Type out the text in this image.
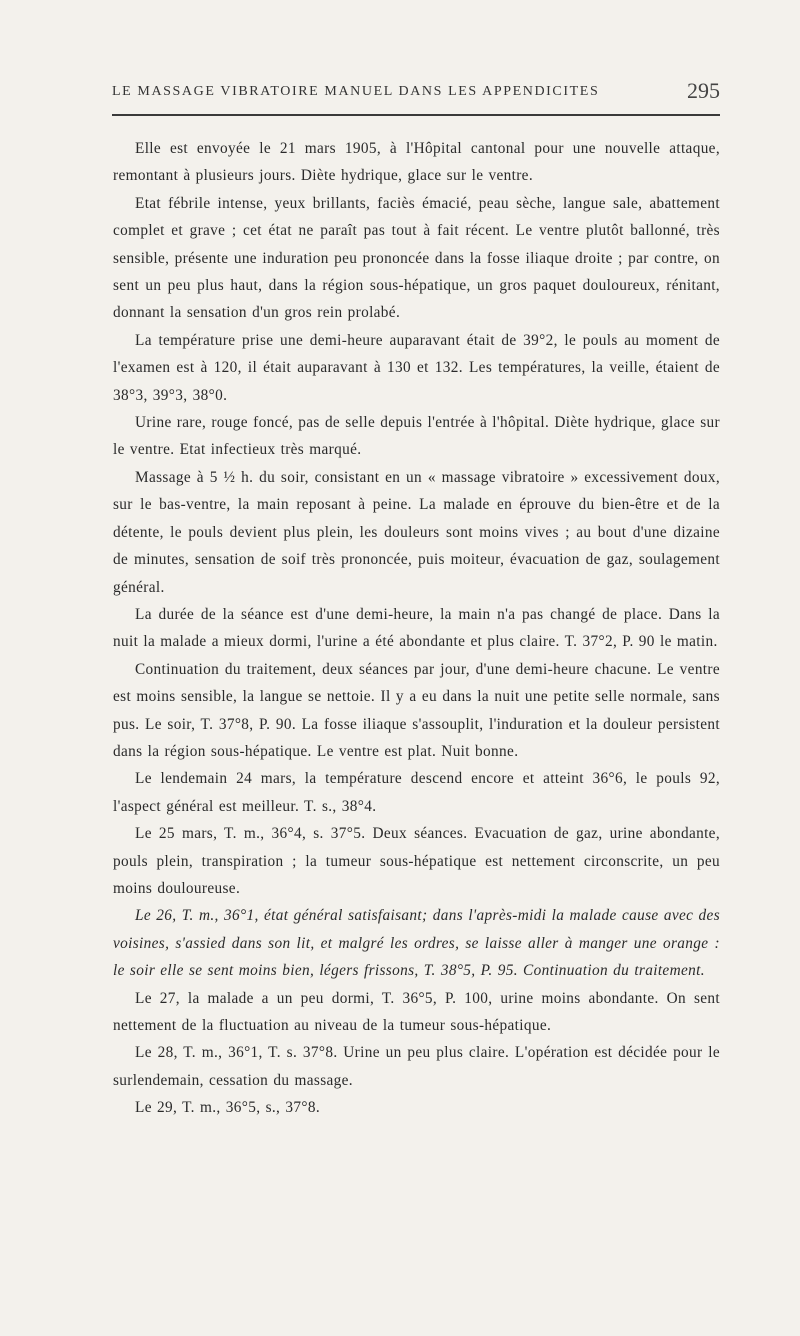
LE MASSAGE VIBRATOIRE MANUEL DANS LES APPENDICITES	295

Elle est envoyée le 21 mars 1905, à l'Hôpital cantonal pour une nouvelle attaque, remontant à plusieurs jours. Diète hydrique, glace sur le ventre.

Etat fébrile intense, yeux brillants, faciès émacié, peau sèche, langue sale, abattement complet et grave ; cet état ne paraît pas tout à fait récent. Le ventre plutôt ballonné, très sensible, présente une induration peu prononcée dans la fosse iliaque droite ; par contre, on sent un peu plus haut, dans la région sous-hépatique, un gros paquet douloureux, rénitant, donnant la sensation d'un gros rein prolabé.

La température prise une demi-heure auparavant était de 39°2, le pouls au moment de l'examen est à 120, il était auparavant à 130 et 132. Les températures, la veille, étaient de 38°3, 39°3, 38°0.

Urine rare, rouge foncé, pas de selle depuis l'entrée à l'hôpital. Diète hydrique, glace sur le ventre. Etat infectieux très marqué.

Massage à 5 ½ h. du soir, consistant en un « massage vibratoire » excessivement doux, sur le bas-ventre, la main reposant à peine. La malade en éprouve du bien-être et de la détente, le pouls devient plus plein, les douleurs sont moins vives ; au bout d'une dizaine de minutes, sensation de soif très prononcée, puis moiteur, évacuation de gaz, soulagement général.

La durée de la séance est d'une demi-heure, la main n'a pas changé de place. Dans la nuit la malade a mieux dormi, l'urine a été abondante et plus claire. T. 37°2, P. 90 le matin.

Continuation du traitement, deux séances par jour, d'une demi-heure chacune. Le ventre est moins sensible, la langue se nettoie. Il y a eu dans la nuit une petite selle normale, sans pus. Le soir, T. 37°8, P. 90. La fosse iliaque s'assouplit, l'induration et la douleur persistent dans la région sous-hépatique. Le ventre est plat. Nuit bonne.

Le lendemain 24 mars, la température descend encore et atteint 36°6, le pouls 92, l'aspect général est meilleur. T. s., 38°4.

Le 25 mars, T. m., 36°4, s. 37°5. Deux séances. Evacuation de gaz, urine abondante, pouls plein, transpiration ; la tumeur sous-hépatique est nettement circonscrite, un peu moins douloureuse.

Le 26, T. m., 36°1, état général satisfaisant; dans l'après-midi la malade cause avec des voisines, s'assied dans son lit, et malgré les ordres, se laisse aller à manger une orange : le soir elle se sent moins bien, légers frissons, T. 38°5, P. 95. Continuation du traitement.

Le 27, la malade a un peu dormi, T. 36°5, P. 100, urine moins abondante. On sent nettement de la fluctuation au niveau de la tumeur sous-hépatique.

Le 28, T. m., 36°1, T. s. 37°8. Urine un peu plus claire. L'opération est décidée pour le surlendemain, cessation du massage.

Le 29, T. m., 36°5, s., 37°8.
